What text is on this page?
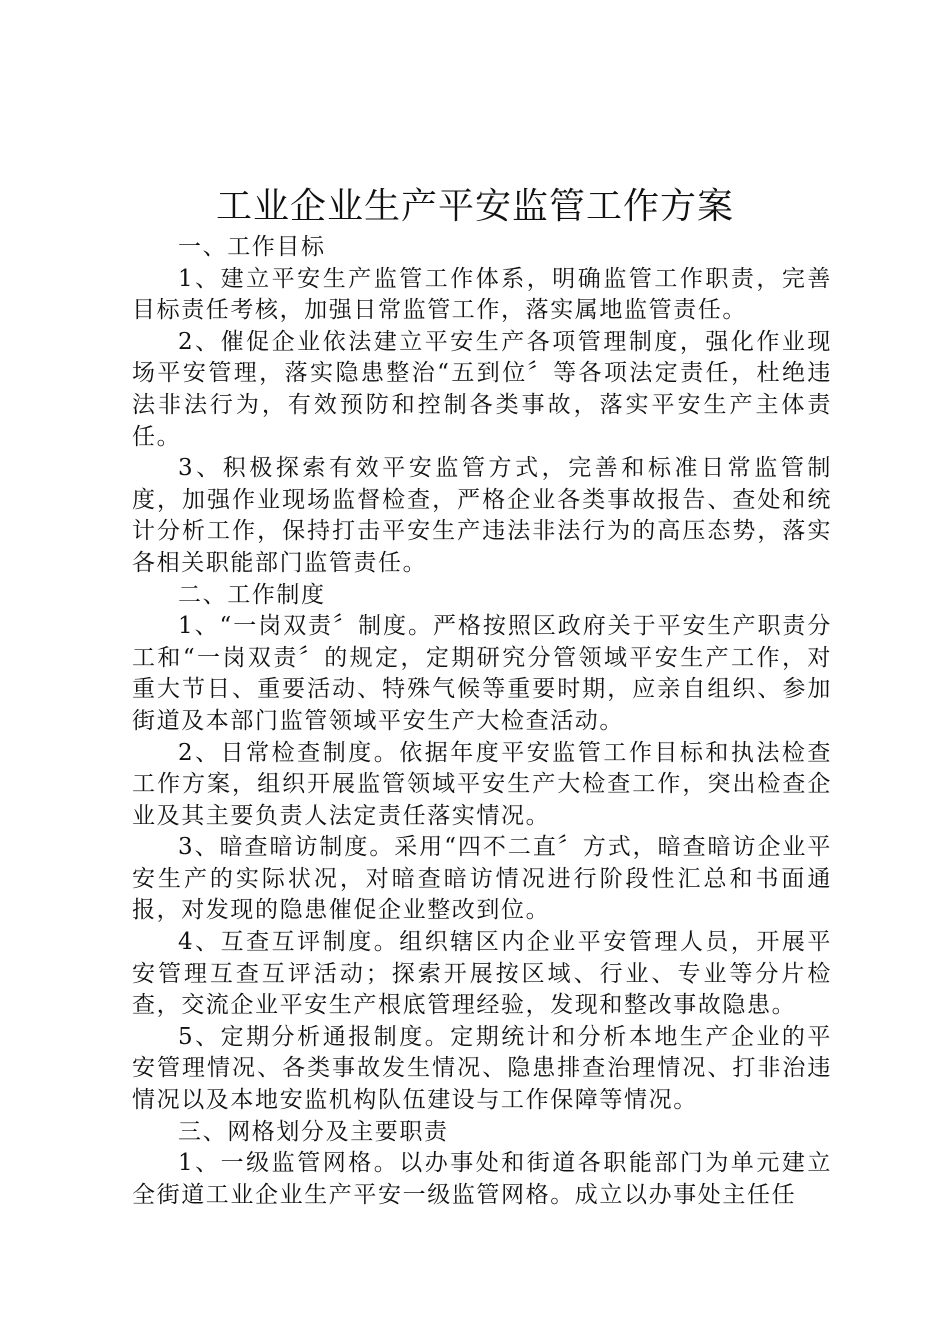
工业企业生产平安监管工作方案

一、工作目标

1、建立平安生产监管工作体系，明确监管工作职责，完善目标责任考核，加强日常监管工作，落实属地监管责任。

2、催促企业依法建立平安生产各项管理制度，强化作业现场平安管理，落实隐患整治“五到位〞等各项法定责任，杜绝违法非法行为，有效预防和控制各类事故，落实平安生产主体责任。

3、积极探索有效平安监管方式，完善和标准日常监管制度，加强作业现场监督检查，严格企业各类事故报告、查处和统计分析工作，保持打击平安生产违法非法行为的高压态势，落实各相关职能部门监管责任。

二、工作制度

1、“一岗双责〞制度。严格按照区政府关于平安生产职责分工和“一岗双责〞的规定，定期研究分管领域平安生产工作，对重大节日、重要活动、特殊气候等重要时期，应亲自组织、参加街道及本部门监管领域平安生产大检查活动。

2、日常检查制度。依据年度平安监管工作目标和执法检查工作方案，组织开展监管领域平安生产大检查工作，突出检查企业及其主要负责人法定责任落实情况。

3、暗查暗访制度。采用“四不二直〞方式，暗查暗访企业平安生产的实际状况，对暗查暗访情况进行阶段性汇总和书面通报，对发现的隐患催促企业整改到位。

4、互查互评制度。组织辖区内企业平安管理人员，开展平安管理互查互评活动；探索开展按区域、行业、专业等分片检查，交流企业平安生产根底管理经验，发现和整改事故隐患。

5、定期分析通报制度。定期统计和分析本地生产企业的平安管理情况、各类事故发生情况、隐患排查治理情况、打非治违情况以及本地安监机构队伍建设与工作保障等情况。

三、网格划分及主要职责

1、一级监管网格。以办事处和街道各职能部门为单元建立全街道工业企业生产平安一级监管网格。成立以办事处主任任
